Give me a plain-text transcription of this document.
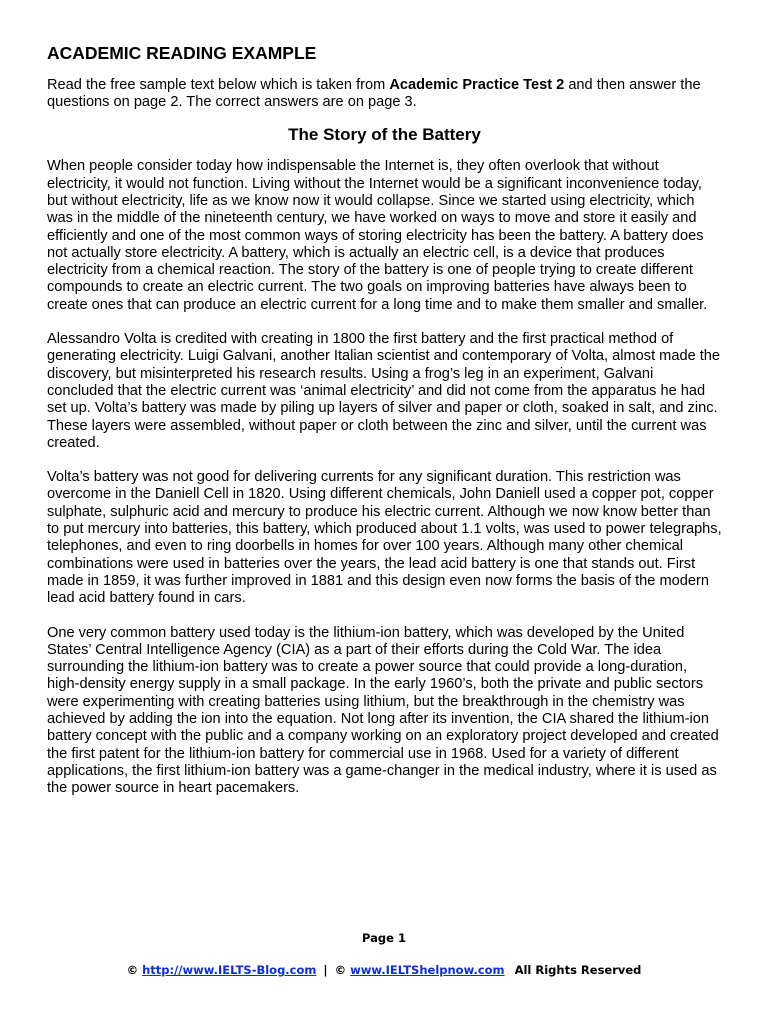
ACADEMIC READING EXAMPLE

Read the free sample text below which is taken from Academic Practice Test 2 and then answer the questions on page 2. The correct answers are on page 3.

The Story of the Battery

When people consider today how indispensable the Internet is, they often overlook that without electricity, it would not function. Living without the Internet would be a significant inconvenience today, but without electricity, life as we know now it would collapse. Since we started using electricity, which was in the middle of the nineteenth century, we have worked on ways to move and store it easily and efficiently and one of the most common ways of storing electricity has been the battery. A battery does not actually store electricity. A battery, which is actually an electric cell, is a device that produces electricity from a chemical reaction. The story of the battery is one of people trying to create different compounds to create an electric current. The two goals on improving batteries have always been to create ones that can produce an electric current for a long time and to make them smaller and smaller.

Alessandro Volta is credited with creating in 1800 the first battery and the first practical method of generating electricity. Luigi Galvani, another Italian scientist and contemporary of Volta, almost made the discovery, but misinterpreted his research results. Using a frog’s leg in an experiment, Galvani concluded that the electric current was ‘animal electricity’ and did not come from the apparatus he had set up. Volta’s battery was made by piling up layers of silver and paper or cloth, soaked in salt, and zinc. These layers were assembled, without paper or cloth between the zinc and silver, until the current was created.

Volta’s battery was not good for delivering currents for any significant duration. This restriction was overcome in the Daniell Cell in 1820. Using different chemicals, John Daniell used a copper pot, copper sulphate, sulphuric acid and mercury to produce his electric current. Although we now know better than to put mercury into batteries, this battery, which produced about 1.1 volts, was used to power telegraphs, telephones, and even to ring doorbells in homes for over 100 years. Although many other chemical combinations were used in batteries over the years, the lead acid battery is one that stands out. First made in 1859, it was further improved in 1881 and this design even now forms the basis of the modern lead acid battery found in cars.

One very common battery used today is the lithium-ion battery, which was developed by the United States’ Central Intelligence Agency (CIA) as a part of their efforts during the Cold War. The idea surrounding the lithium-ion battery was to create a power source that could provide a long-duration, high-density energy supply in a small package. In the early 1960’s, both the private and public sectors were experimenting with creating batteries using lithium, but the breakthrough in the chemistry was achieved by adding the ion into the equation. Not long after its invention, the CIA shared the lithium-ion battery concept with the public and a company working on an exploratory project developed and created the first patent for the lithium-ion battery for commercial use in 1968. Used for a variety of different applications, the first lithium-ion battery was a game-changer in the medical industry, where it is used as the power source in heart pacemakers.

Page 1
© http://www.IELTS-Blog.com | © www.IELTShelpnow.com All Rights Reserved
